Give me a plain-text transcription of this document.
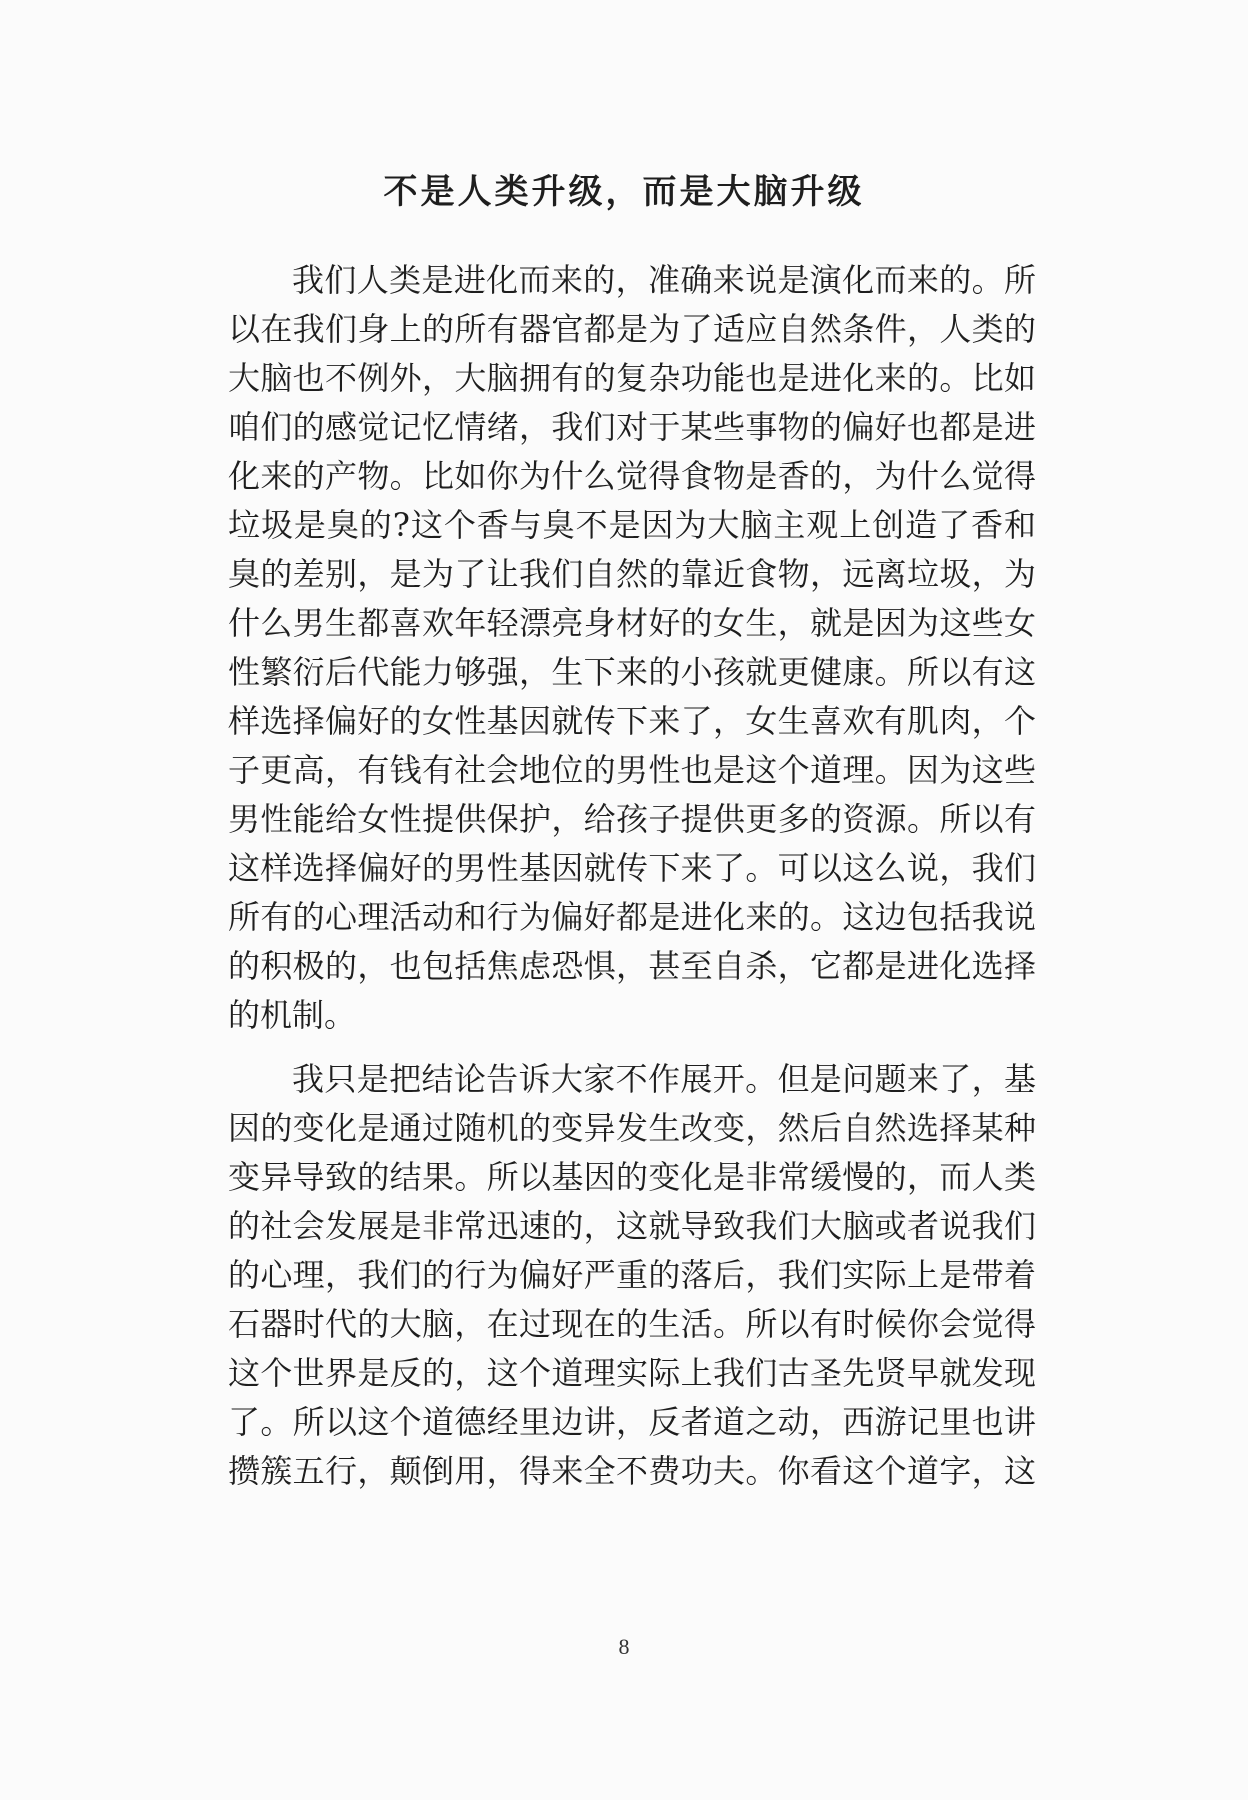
不是人类升级，而是大脑升级
我们人类是进化而来的，准确来说是演化而来的。所
以在我们身上的所有器官都是为了适应自然条件，人类的
大脑也不例外，大脑拥有的复杂功能也是进化来的。比如
咱们的感觉记忆情绪，我们对于某些事物的偏好也都是进
化来的产物。比如你为什么觉得食物是香的，为什么觉得
垃圾是臭的?这个香与臭不是因为大脑主观上创造了香和
臭的差别，是为了让我们自然的靠近食物，远离垃圾，为
什么男生都喜欢年轻漂亮身材好的女生，就是因为这些女
性繁衍后代能力够强，生下来的小孩就更健康。所以有这
样选择偏好的女性基因就传下来了，女生喜欢有肌肉，个
子更高，有钱有社会地位的男性也是这个道理。因为这些
男性能给女性提供保护，给孩子提供更多的资源。所以有
这样选择偏好的男性基因就传下来了。可以这么说，我们
所有的心理活动和行为偏好都是进化来的。这边包括我说
的积极的，也包括焦虑恐惧，甚至自杀，它都是进化选择
的机制。
我只是把结论告诉大家不作展开。但是问题来了，基
因的变化是通过随机的变异发生改变，然后自然选择某种
变异导致的结果。所以基因的变化是非常缓慢的，而人类
的社会发展是非常迅速的，这就导致我们大脑或者说我们
的心理，我们的行为偏好严重的落后，我们实际上是带着
石器时代的大脑，在过现在的生活。所以有时候你会觉得
这个世界是反的，这个道理实际上我们古圣先贤早就发现
了。所以这个道德经里边讲，反者道之动，西游记里也讲
攒簇五行，颠倒用，得来全不费功夫。你看这个道字，这
8
